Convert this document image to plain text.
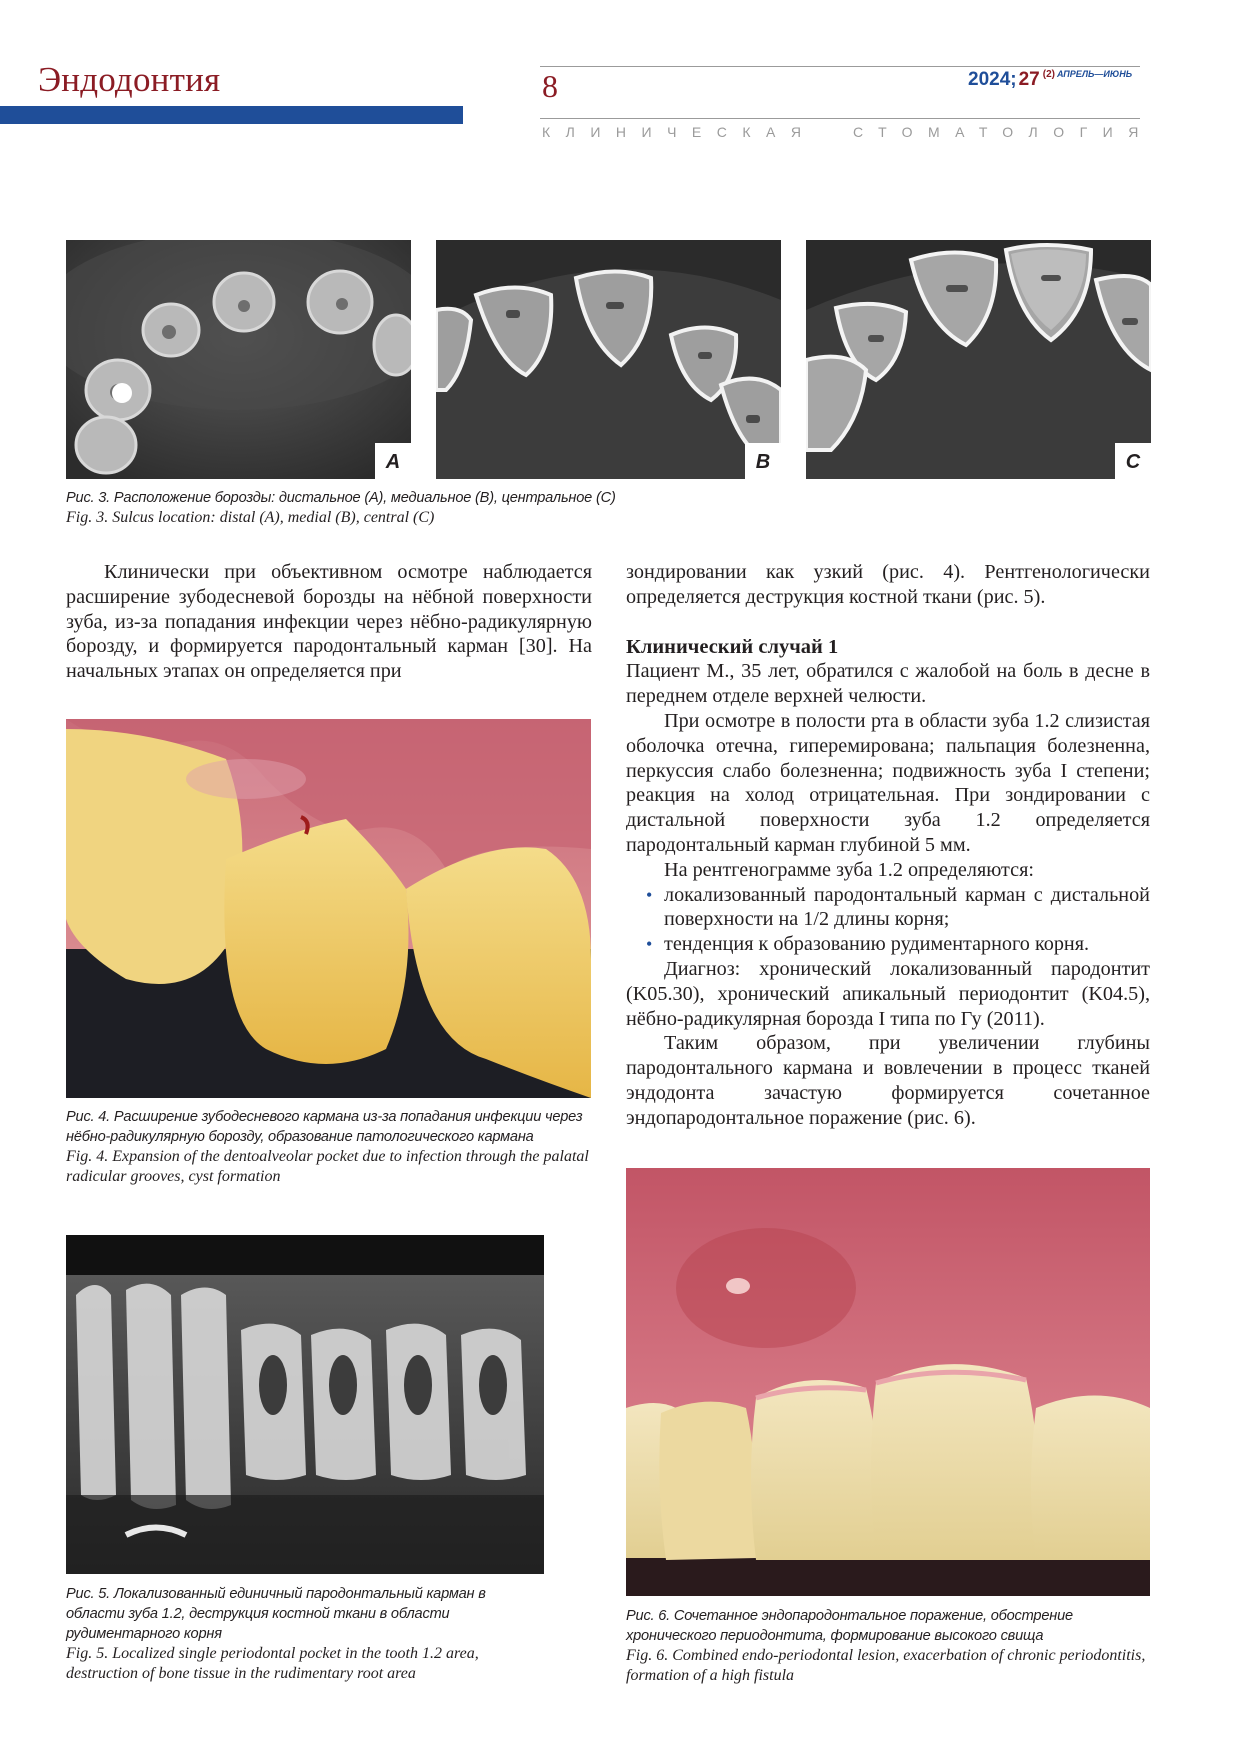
Эндодонтия	8	2024; 27 $^{(2)}$ $^{АПРЕЛЬ—ИЮНЬ}$
КЛИНИЧЕСКАЯ	СТОМАТОЛОГИЯ
A	B	C

Рис. 3. Расположение борозды: дистальное (A), медиальное (B), центральное (C)

Fig. 3. Sulcus location: distal (A), medial (B), central (C)

Клинически при объективном осмотре наблюдается расширение зубодесневой борозды на нёбной поверхности зуба, из-за попадания инфекции через нёбно-радикулярную борозду, и формируется пародонтальный карман [30]. На начальных этапах он определяется при

Рис. 4. Расширение зубодесневого кармана из-за попадания инфекции через нёбно-радикулярную борозду, образование патологического кармана

Fig. 4. Expansion of the dentoalveolar pocket due to infection through the palatal radicular grooves, cyst formation

Рис. 5. Локализованный единичный пародонтальный карман в области зуба 1.2, деструкция костной ткани в области рудиментарного корня

Fig. 5. Localized single periodontal pocket in the tooth 1.2 area, destruction of bone tissue in the rudimentary root area

зондировании как узкий (рис. 4). Рентгенологически определяется деструкция костной ткани (рис. 5).

Клинический случай 1

Пациент М., 35 лет, обратился с жалобой на боль в десне в переднем отделе верхней челюсти.

При осмотре в полости рта в области зуба 1.2 слизистая оболочка отечна, гиперемирована; пальпация болезненна, перкуссия слабо болезненна; подвижность зуба I степени; реакция на холод отрицательная. При зондировании с дистальной поверхности зуба 1.2 определяется пародонтальный карман глубиной 5 мм.

На рентгенограмме зуба 1.2 определяются:

• локализованный пародонтальный карман с дистальной поверхности на 1/2 длины корня;
• тенденция к образованию рудиментарного корня.

Диагноз: хронический локализованный пародонтит (K05.30), хронический апикальный периодонтит (K04.5), нёбно-радикулярная борозда I типа по Гу (2011).

Таким образом, при увеличении глубины пародонтального кармана и вовлечении в процесс тканей эндодонта зачастую формируется сочетанное эндопародонтальное поражение (рис. 6).

Рис. 6. Сочетанное эндопародонтальное поражение, обострение хронического периодонтита, формирование высокого свища

Fig. 6. Combined endo-periodontal lesion, exacerbation of chronic periodontitis, formation of a high fistula
